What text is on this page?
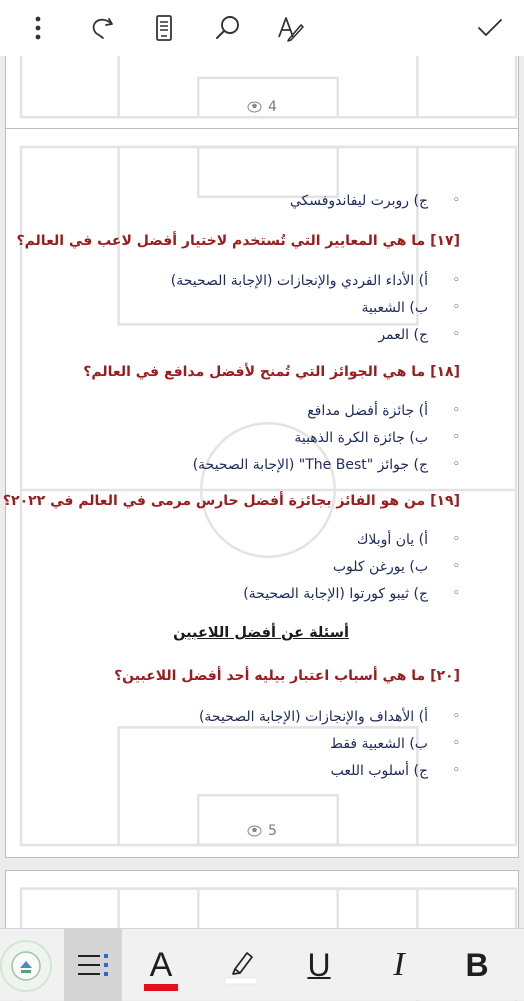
4
◦ ج) روبرت ليفاندوفسكي
[١٧] ما هي المعايير التي تُستخدم لاختيار أفضل لاعب في العالم؟
◦ أ) الأداء الفردي والإنجازات (الإجابة الصحيحة)
◦ ب) الشعبية
◦ ج) العمر
[١٨] ما هي الجوائز التي تُمنح لأفضل مدافع في العالم؟
◦ أ) جائزة أفضل مدافع
◦ ب) جائزة الكرة الذهبية
◦ ج) جوائز "The Best" (الإجابة الصحيحة)
[١٩] من هو الفائز بجائزة أفضل حارس مرمى في العالم في ٢٠٢٢؟
◦ أ) يان أوبلاك
◦ ب) يورغن كلوب
◦ ج) ثيبو كورتوا (الإجابة الصحيحة)
أسئلة عن أفضل اللاعبين
[٢٠] ما هي أسباب اعتبار بيليه أحد أفضل اللاعبين؟
◦ أ) الأهداف والإنجازات (الإجابة الصحيحة)
◦ ب) الشعبية فقط
◦ ج) أسلوب اللعب
5
A	U I B
